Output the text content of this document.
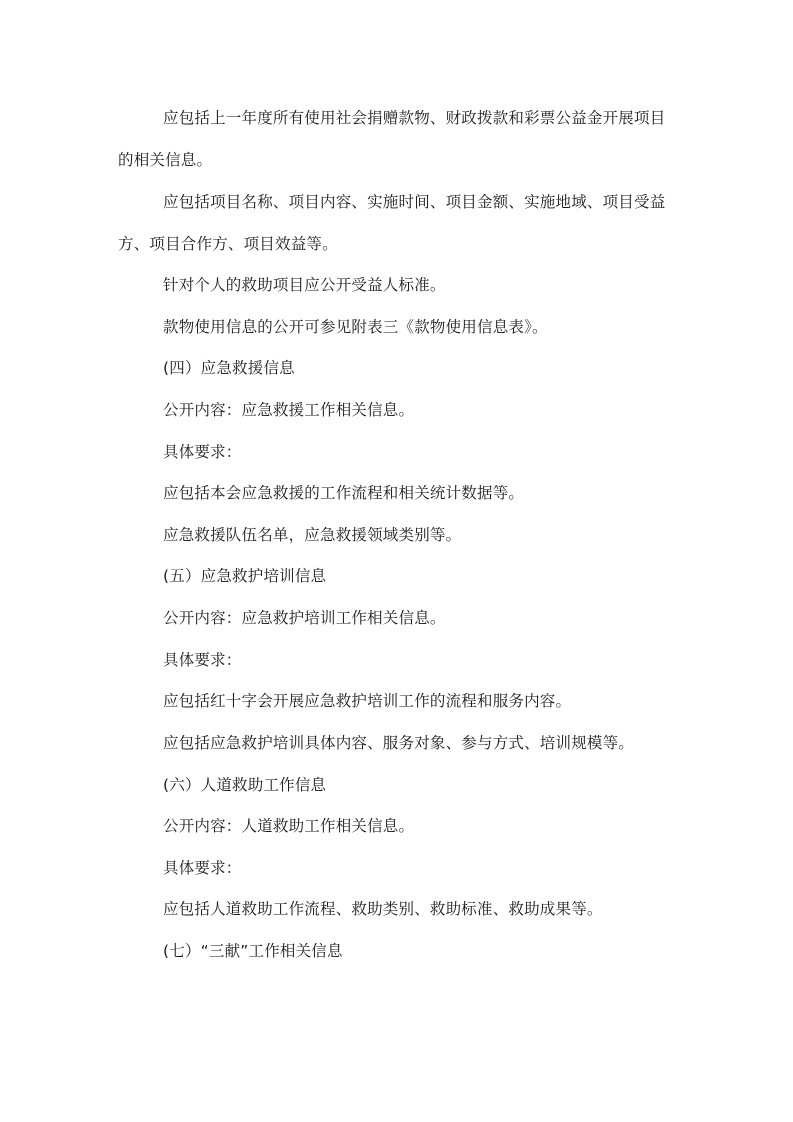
应包括上一年度所有使用社会捐赠款物、财政拨款和彩票公益金开展项目
的相关信息。
应包括项目名称、项目内容、实施时间、项目金额、实施地域、项目受益
方、项目合作方、项目效益等。
针对个人的救助项目应公开受益人标准。
款物使用信息的公开可参见附表三《款物使用信息表》。
(四）应急救援信息
公开内容：应急救援工作相关信息。
具体要求：
应包括本会应急救援的工作流程和相关统计数据等。
应急救援队伍名单，应急救援领域类别等。
(五）应急救护培训信息
公开内容：应急救护培训工作相关信息。
具体要求：
应包括红十字会开展应急救护培训工作的流程和服务内容。
应包括应急救护培训具体内容、服务对象、参与方式、培训规模等。
(六）人道救助工作信息
公开内容：人道救助工作相关信息。
具体要求：
应包括人道救助工作流程、救助类别、救助标准、救助成果等。
(七）“三献”工作相关信息
